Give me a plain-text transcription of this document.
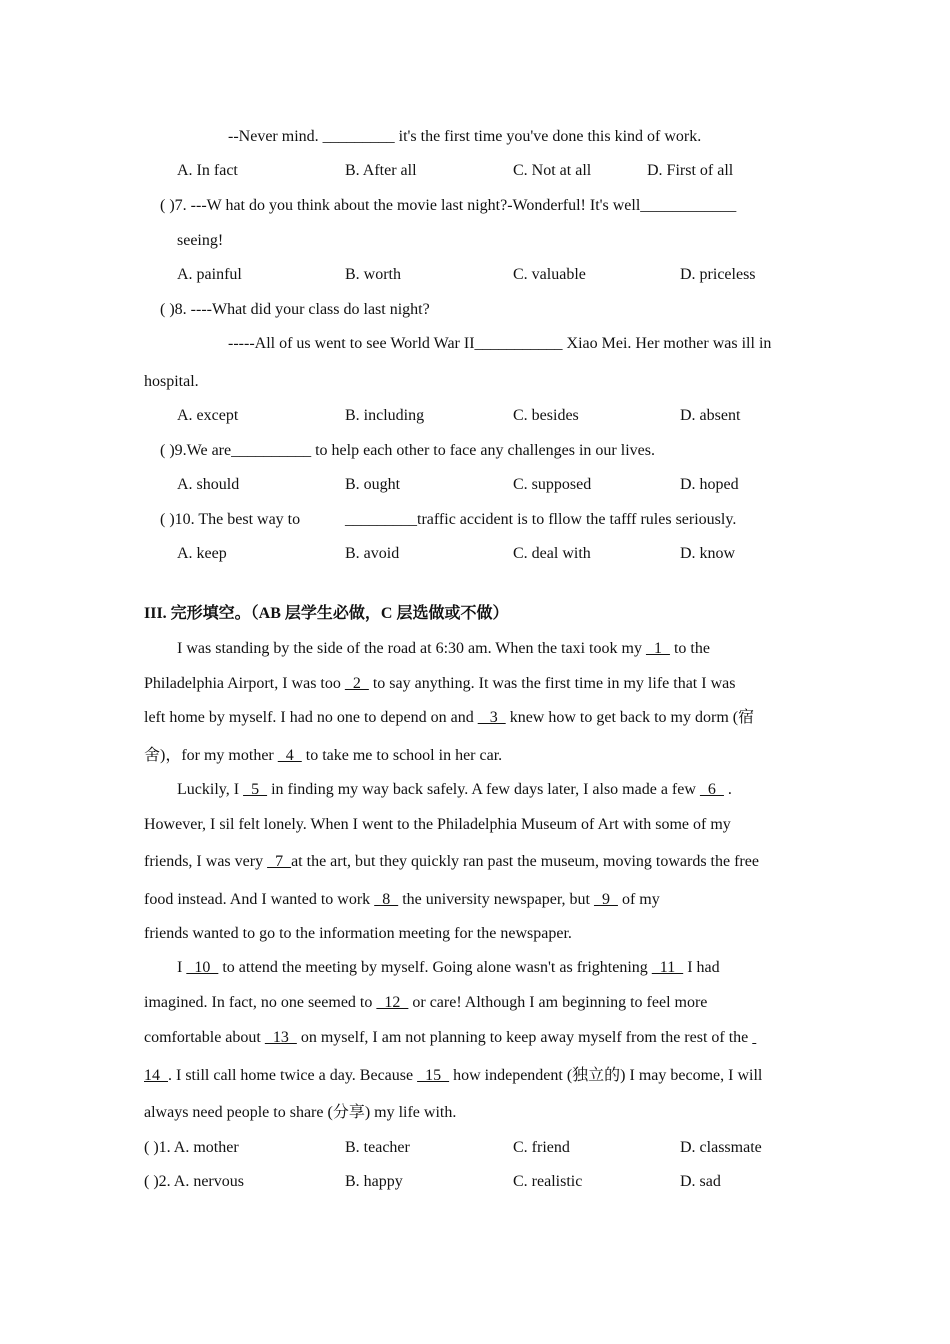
--Never mind. _________ it's the first time you've done this kind of work.
A. In fact	B. After all	C. Not at all	D. First of all
( )7. ---W hat do you think about the movie last night?-Wonderful! It's well____________
seeing!
A. painful	B. worth	C. valuable	D. priceless
( )8. ----What did your class do last night?
-----All of us went to see World War II___________ Xiao Mei. Her mother was ill in
hospital.
A. except	B. including	C. besides	D. absent
( )9.We are__________ to help each other to face any challenges in our lives.
A. should	B. ought	C. supposed	D. hoped
( )10. The best way to	_________traffic accident is to fllow the tafff rules seriously.
A. keep	B. avoid	C. deal with	D. know
III. 完形填空。（AB 层学生必做，C 层选做或不做）
I was standing by the side of the road at 6:30 am. When the taxi took my   1   to the
Philadelphia Airport, I was too   2   to say anything. It was the first time in my life that I was
left home by myself. I had no one to depend on and    3   knew how to get back to my dorm (宿
舍)，for my mother   4   to take me to school in her car.
Luckily, I   5   in finding my way back safely. A few days later, I also made a few   6   .
However, I sil felt lonely. When I went to the Philadelphia Museum of Art with some of my
friends, I was very   7  at the art, but they quickly ran past the museum, moving towards the free
food instead. And I wanted to work   8   the university newspaper, but   9   of my
friends wanted to go to the information meeting for the newspaper.
I   10   to attend the meeting by myself. Going alone wasn't as frightening   11   I had
imagined. In fact, no one seemed to   12   or care! Although I am beginning to feel more
comfortable about   13   on myself, I am not planning to keep away myself from the rest of the
14  . I still call home twice a day. Because   15   how independent (独立的) I may become, I will
always need people to share (分享) my life with.
( )1. A. mother	B. teacher	C. friend	D. classmate
( )2. A. nervous	B. happy	C. realistic	D. sad
